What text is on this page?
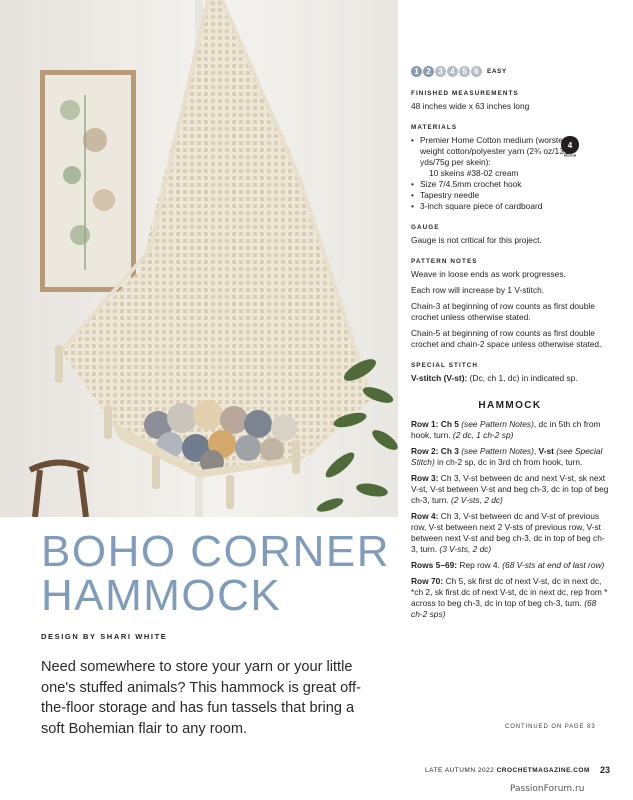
BOHO CORNER
HAMMOCK
DESIGN BY SHARI WHITE

Need somewhere to store your yarn or your little one's stuffed animals? This hammock is great off-the-floor storage and has fun tassels that bring a soft Bohemian flair to any room.

1 2 3 4 5 6	EASY
FINISHED MEASUREMENTS

48 inches wide x 63 inches long

MATERIALS
4
MEDIUM
• Premier Home Cotton medium (worsted) weight cotton/polyester yarn (2¾ oz/131 yds/75g per skein):
10 skeins #38-02 cream
• Size 7/4.5mm crochet hook
• Tapestry needle
• 3-inch square piece of cardboard
GAUGE

Gauge is not critical for this project.

PATTERN NOTES

Weave in loose ends as work progresses.

Each row will increase by 1 V-stitch.

Chain-3 at beginning of row counts as first double crochet unless otherwise stated.

Chain-5 at beginning of row counts as first double crochet and chain-2 space unless otherwise stated.

SPECIAL STITCH

V-stitch (V-st): (Dc, ch 1, dc) in indicated sp.

HAMMOCK

Row 1: Ch 5 (see Pattern Notes), dc in 5th ch from hook, turn. (2 dc, 1 ch-2 sp)

Row 2: Ch 3 (see Pattern Notes), V-st (see Special Stitch) in ch-2 sp, dc in 3rd ch from hook, turn.

Row 3: Ch 3, V-st between dc and next V-st, sk next V-st, V-st between V-st and beg ch-3, dc in top of beg ch-3, turn. (2 V-sts, 2 dc)

Row 4: Ch 3, V-st between dc and V-st of previous row, V-st between next 2 V-sts of previous row, V-st between next V-st and beg ch-3, dc in top of beg ch-3, turn. (3 V-sts, 2 dc)

Rows 5–69: Rep row 4. (68 V-sts at end of last row)

Row 70: Ch 5, sk first dc of next V-st, dc in next dc, *ch 2, sk first dc of next V-st, dc in next dc, rep from * across to beg ch-3, dc in top of beg ch-3, turn. (68 ch-2 sps)

CONTINUED ON PAGE 83
LATE AUTUMN 2022 CROCHETMAGAZINE.COM 23
PassionForum.ru
